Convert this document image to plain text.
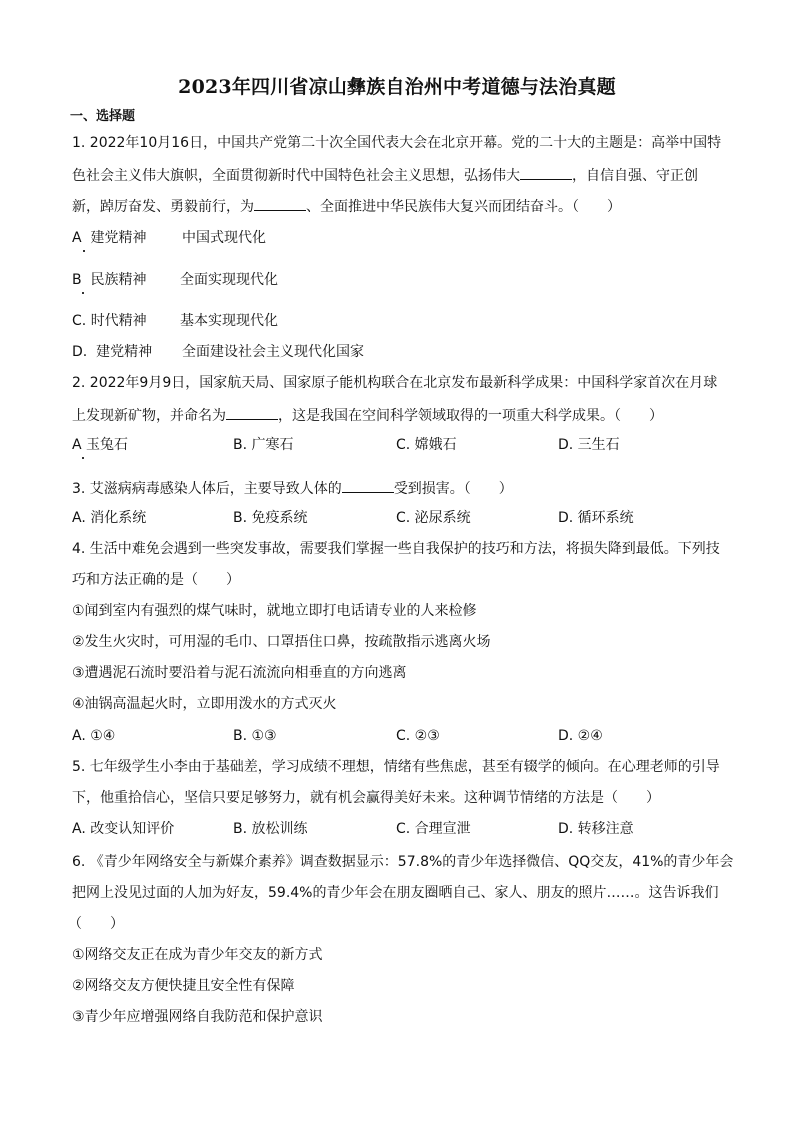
2023年四川省凉山彝族自治州中考道德与法治真题
一、选择题
1. 2022年10月16日，中国共产党第二十次全国代表大会在北京开幕。党的二十大的主题是：高举中国特
色社会主义伟大旗帜，全面贯彻新时代中国特色社会主义思想，弘扬伟大	，自信自强、守正创
新，踔厉奋发、勇毅前行，为	、全面推进中华民族伟大复兴而团结奋斗。（　　）
A 建党精神	中国式现代化
B 民族精神 全面实现现代化
C. 时代精神 基本实现现代化
D. 建党精神 全面建设社会主义现代化国家
2. 2022年9月9日，国家航天局、国家原子能机构联合在北京发布最新科学成果：中国科学家首次在月球
上发现新矿物，并命名为	，这是我国在空间科学领域取得的一项重大科学成果。（　　）
A 玉兔石	B. 广寒石	C. 嫦娥石	D. 三生石
3. 艾滋病病毒感染人体后，主要导致人体的	受到损害。（　　）
A. 消化系统	B. 免疫系统	C. 泌尿系统	D. 循环系统
4. 生活中难免会遇到一些突发事故，需要我们掌握一些自我保护的技巧和方法，将损失降到最低。下列技
巧和方法正确的是（　　）
①闻到室内有强烈的煤气味时，就地立即打电话请专业的人来检修
②发生火灾时，可用湿的毛巾、口罩捂住口鼻，按疏散指示逃离火场
③遭遇泥石流时要沿着与泥石流流向相垂直的方向逃离
④油锅高温起火时，立即用泼水的方式灭火
A. ①④	B. ①③	C. ②③	D. ②④
5. 七年级学生小李由于基础差，学习成绩不理想，情绪有些焦虑，甚至有辍学的倾向。在心理老师的引导
下，他重拾信心，坚信只要足够努力，就有机会赢得美好未来。这种调节情绪的方法是（　　）
A. 改变认知评价	B. 放松训练	C. 合理宣泄	D. 转移注意
6. 《青少年网络安全与新媒介素养》调查数据显示：57.8%的青少年选择微信、QQ交友，41%的青少年会
把网上没见过面的人加为好友，59.4%的青少年会在朋友圈晒自己、家人、朋友的照片……。这告诉我们
（　　）
①网络交友正在成为青少年交友的新方式
②网络交友方便快捷且安全性有保障
③青少年应增强网络自我防范和保护意识
